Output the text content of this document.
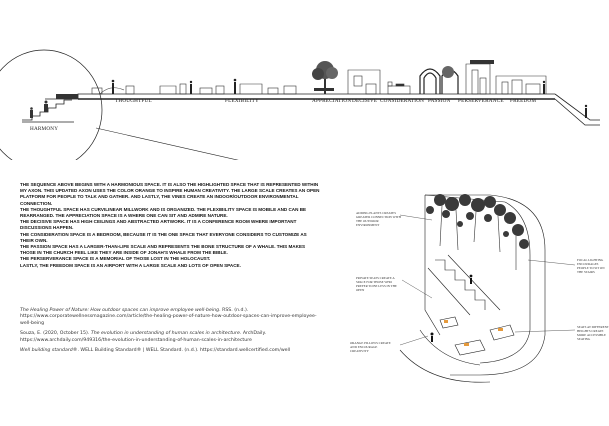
HARMONY
THOUGHTFUL	FLEXIBILITY	APPRECIATION DECISIVE CONSIDERATION PASSION PERSERVERANCE FREEDOM

THE SEQUENCE ABOVE BEGINS WITH A HARMONIOUS SPACE. IT IS ALSO THE HIGHLIGHTED SPACE THAT IS REPRESENTED WITHIN MY AXON. THIS UPDATED AXON USES THE COLOR ORANGE TO INSPIRE HUMAN CREATIVITY. THE LARGE SCALE CREATES AN OPEN PLATFORM FOR PEOPLE TO TALK AND GATHER. AND LASTLY, THE VINES CREATE AN INDOOR/OUTDOOR ENVIRONMENTAL CONNECTION.

THE THOUGHTFUL SPACE HAS CURVILINEAR MILLWORK AND IS ORGANIZED. THE FLEXIBILITY SPACE IS MOBILE AND CAN BE REARRANGED. THE APPRECIATION SPACE IS A WHERE ONE CAN SIT AND ADMIRE NATURE.

THE DECISIVE SPACE HAS HIGH CEILINGS AND ABSTRACTED ARTWORK. IT IS A CONFERENCE ROOM WHERE IMPORTANT DISCUSSIONS HAPPEN.

THE CONSIDERATION SPACE IS A BEDROOM, BECAUSE IT IS THE ONE SPACE THAT EVERYONE CONSIDERS TO CUSTOMIZE AS THEIR OWN.

THE PASSION SPACE HAS A LARGER-THAN-LIFE SCALE AND REPRESENTS THE BONE STRUCTURE OF A WHALE. THIS MAKES THOSE IN THE CHURCH FEEL LIKE THEY ARE INSIDE OF JONAH'S WHALE FROM THE BIBLE.

THE PERSERVERANCE SPACE IS A MEMORIAL OF THOSE LOST IN THE HOLOCAUST.

LASTLY, THE FREEDOM SPACE IS AN AIRPORT WITH A LARGE SCALE AND LOTS OF OPEN SPACE.

The Healing Power of Nature: How outdoor spaces can improve employee well-being. RSS. (n.d.). https://www.corporatewellnessmagazine.com/article/the-healing-power-of-nature-how-outdoor-spaces-can-improve-employee-well-being

Souza, E. (2020, October 15). The evolution in understanding of human scales in architecture. ArchDaily. https://www.archdaily.com/949316/the-evolution-in-understanding-of-human-scales-in-architecture

Well building standard®. WELL Building Standard® | WELL Standard. (n.d.). https://standard.wellcertified.com/well

ADDING PLANTS CREATES GREATER CONNECTION WITH THE OUTDOOR ENVIRONMENT
PRIVATE SEATS CREATE A SPACE FOR THOSE WHO PREFER TO BE LESS IN THE OPEN
ORANGE PILLOWS CREATE AND ENCOURAGE CREATIVITY
FOCAL LIGHTING ENCOURAGES PEOPLE TO SIT ON THE STAIRS
SEATS AT DIFFERENT HEIGHTS CREATE MORE ACCESSIBLE SEATING
